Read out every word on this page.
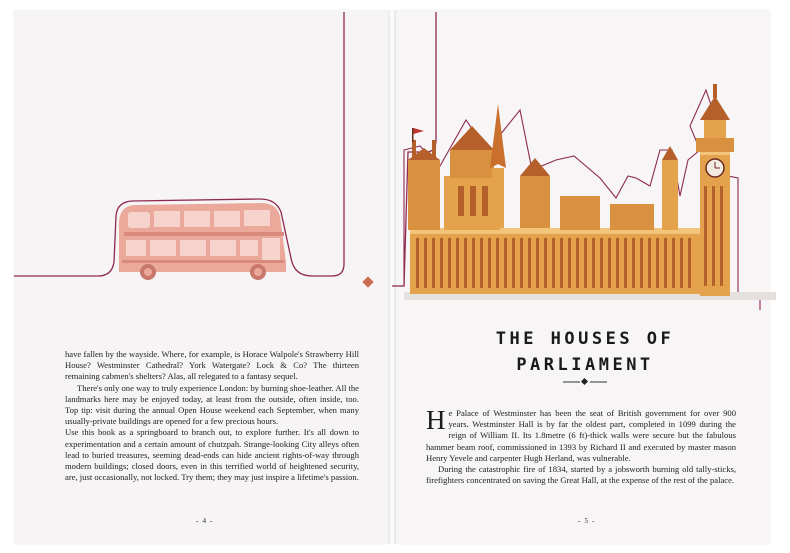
have fallen by the wayside. Where, for example, is Horace Walpole's Strawberry Hill House? Westminster Cathedral? York Watergate? Lock & Co? The thirteen remaining cabmen's shelters? Alas, all relegated to a fantasy sequel.

There's only one way to truly experience London: by burning shoe-leather. All the landmarks here may be enjoyed today, at least from the outside, often inside, too. Top tip: visit during the annual Open House weekend each September, when many usually-private buildings are opened for a few precious hours.

Use this book as a springboard to branch out, to explore further. It's all down to experimentation and a certain amount of chutzpah. Strange-looking City alleys often lead to buried treasures, seeming dead-ends can hide ancient rights-of-way through modern buildings; closed doors, even in this terrified world of heightened security, are, just occasionally, not locked. Try them; they may just inspire a lifetime's passion.

THE HOUSES OF
PARLIAMENT

He Palace of Westminster has been the seat of British government for over 900 years. Westminster Hall is by far the oldest part, completed in 1099 during the reign of William II. Its 1.8metre (6 ft)-thick walls were secure but the fabulous hammer beam roof, commissioned in 1393 by Richard II and executed by master mason Henry Yevele and carpenter Hugh Herland, was vulnerable.

During the catastrophic fire of 1834, started by a jobsworth burning old tally-sticks, firefighters concentrated on saving the Great Hall, at the expense of the rest of the palace.

- 4 -	- 5 -
